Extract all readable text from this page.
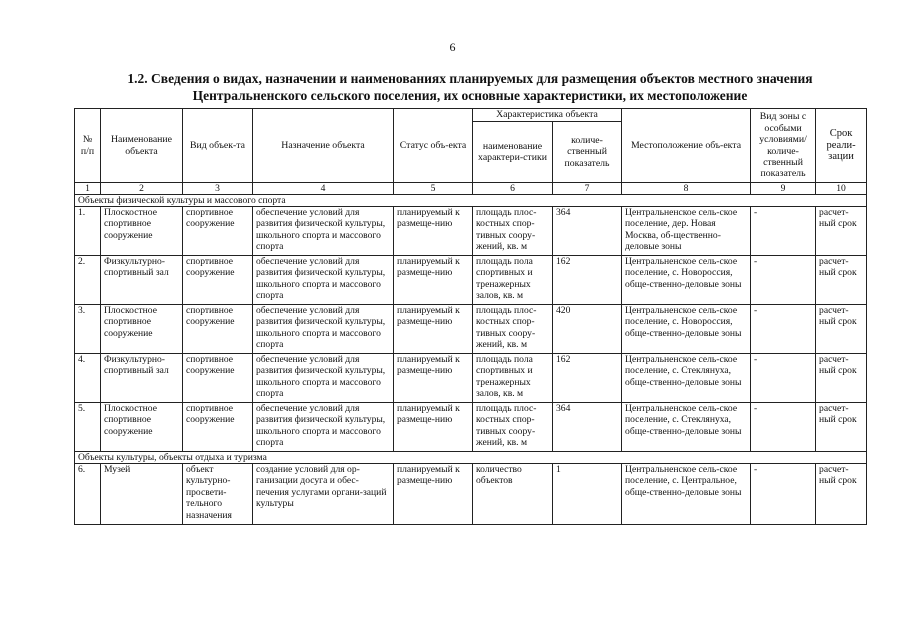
6
1.2. Сведения о видах, назначении и наименованиях планируемых для размещения объектов местного значения
Центральненского сельского поселения, их основные характеристики, их местоположение
№ п/п	Наименование объекта	Вид объек-та	Назначение объекта	Статус объ-екта	Характеристика объекта		Местоположение объ-екта	Вид зоны с особыми условиями/ количе-ственный показатель	Срок реали-зации
					наименование характери-стики	количе-ственный показатель			
1	2	3	4	5	6	7	8	9	10
Объекты физической культуры и массового спорта									
1.	Плоскостное спортивное сооружение	спортивное сооружение	обеспечение условий для развития физической культуры, школьного спорта и массового спорта	планируемый к размеще-нию	площадь плос-костных спор-тивных соору-жений, кв. м	364	Центральненское сель-ское поселение, дер. Новая Москва, об-щественно-деловые зоны	-	расчет-ный срок
2.	Физкультурно-спортивный зал	спортивное сооружение	обеспечение условий для развития физической культуры, школьного спорта и массового спорта	планируемый к размеще-нию	площадь пола спортивных и тренажерных залов, кв. м	162	Центральненское сель-ское поселение, с. Новороссия, обще-ственно-деловые зоны	-	расчет-ный срок
3.	Плоскостное спортивное сооружение	спортивное сооружение	обеспечение условий для развития физической культуры, школьного спорта и массового спорта	планируемый к размеще-нию	площадь плос-костных спор-тивных соору-жений, кв. м	420	Центральненское сель-ское поселение, с. Новороссия, обще-ственно-деловые зоны	-	расчет-ный срок
4.	Физкультурно-спортивный зал	спортивное сооружение	обеспечение условий для развития физической культуры, школьного спорта и массового спорта	планируемый к размеще-нию	площадь пола спортивных и тренажерных залов, кв. м	162	Центральненское сель-ское поселение, с. Стеклянуха, обще-ственно-деловые зоны	-	расчет-ный срок
5.	Плоскостное спортивное сооружение	спортивное сооружение	обеспечение условий для развития физической культуры, школьного спорта и массового спорта	планируемый к размеще-нию	площадь плос-костных спор-тивных соору-жений, кв. м	364	Центральненское сель-ское поселение, с. Стеклянуха, обще-ственно-деловые зоны	-	расчет-ный срок
Объекты культуры, объекты отдыха и туризма									
6.	Музей	объект культурно-просвети-тельного назначения	создание условий для ор-ганизации досуга и обес-печения услугами органи-заций культуры	планируемый к размеще-нию	количество объектов	1	Центральненское сель-ское поселение, с. Центральное, обще-ственно-деловые зоны	-	расчет-ный срок
